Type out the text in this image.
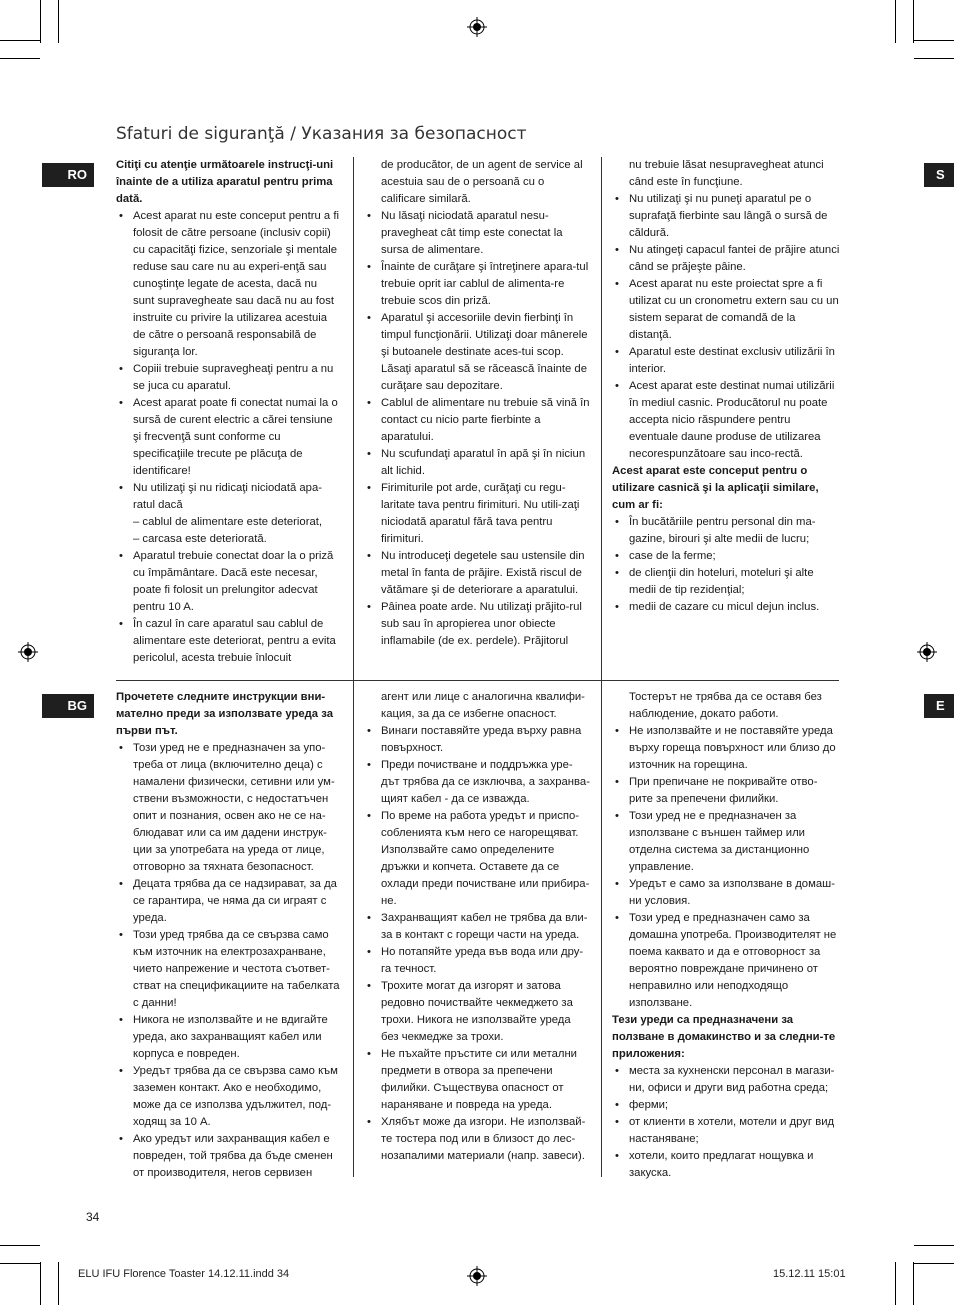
Sfaturi de siguranţă / Указания за безопасност
RO	S

Citiţi cu atenţie următoarele instrucţi-uni înainte de a utiliza aparatul pentru prima dată.

• Acest aparat nu este conceput pentru a fi folosit de către persoane (inclusiv copii) cu capacităţi fizice, senzoriale şi mentale reduse sau care nu au experi-enţă sau cunoştinţe legate de acesta, dacă nu sunt supravegheate sau dacă nu au fost instruite cu privire la utilizarea acestuia de către o persoană responsabilă de siguranţa lor.
• Copiii trebuie supravegheaţi pentru a nu se juca cu aparatul.
• Acest aparat poate fi conectat numai la o sursă de curent electric a cărei tensiune şi frecvenţă sunt conforme cu specificaţiile trecute pe plăcuţa de identificare!
• Nu utilizaţi şi nu ridicaţi niciodată apa-ratul dacă

– cablul de alimentare este deteriorat,

– carcasa este deteriorată.

• Aparatul trebuie conectat doar la o priză cu împământare. Dacă este necesar, poate fi folosit un prelungitor adecvat pentru 10 A.
• În cazul în care aparatul sau cablul de alimentare este deteriorat, pentru a evita pericolul, acesta trebuie înlocuit

de producător, de un agent de service al acestuia sau de o persoană cu o calificare similară.

• Nu lăsaţi niciodată aparatul nesu-pravegheat cât timp este conectat la sursa de alimentare.
• Înainte de curăţare şi întreţinere apara-tul trebuie oprit iar cablul de alimenta-re trebuie scos din priză.
• Aparatul şi accesoriile devin fierbinţi în timpul funcţionării. Utilizaţi doar mânerele şi butoanele destinate aces-tui scop. Lăsaţi aparatul să se răcească înainte de curăţare sau depozitare.
• Cablul de alimentare nu trebuie să vină în contact cu nicio parte fierbinte a aparatului.
• Nu scufundaţi aparatul în apă şi în niciun alt lichid.
• Firimiturile pot arde, curăţaţi cu regu-laritate tava pentru firimituri. Nu utili-zaţi niciodată aparatul fără tava pentru firimituri.
• Nu introduceţi degetele sau ustensile din metal în fanta de prăjire. Există riscul de vătămare şi de deteriorare a aparatului.
• Pâinea poate arde. Nu utilizaţi prăjito-rul sub sau în apropierea unor obiecte inflamabile (de ex. perdele). Prăjitorul

nu trebuie lăsat nesupravegheat atunci când este în funcţiune.

• Nu utilizaţi şi nu puneţi aparatul pe o suprafaţă fierbinte sau lângă o sursă de căldură.
• Nu atingeţi capacul fantei de prăjire atunci când se prăjeşte pâine.
• Acest aparat nu este proiectat spre a fi utilizat cu un cronometru extern sau cu un sistem separat de comandă de la distanţă.
• Aparatul este destinat exclusiv utilizării în interior.
• Acest aparat este destinat numai utilizării în mediul casnic. Producătorul nu poate accepta nicio răspundere pentru eventuale daune produse de utilizarea necorespunzătoare sau inco-rectă.

Acest aparat este conceput pentru o utilizare casnică şi la aplicaţii similare, cum ar fi:

• În bucătăriile pentru personal din ma-gazine, birouri şi alte medii de lucru;
• case de la ferme;
• de clienţii din hoteluri, moteluri şi alte medii de tip rezidenţial;
• medii de cazare cu micul dejun inclus.
BG	E

Прочетете следните инструкции вни-мателно преди за използвате уреда за първи път.

• Този уред не е предназначен за упо-треба от лица (включително деца) с намалени физически, сетивни или ум-ствени възможности, с недостатъчен опит и познания, освен ако не се на-блюдават или са им дадени инструк-ции за употребата на уреда от лице, отговорно за тяхната безопасност.
• Децата трябва да се надзирават, за да се гарантира, че няма да си играят с уреда.
• Този уред трябва да се свързва само към източник на електрозахранване, чието напрежение и честота съответ-стват на спецификациите на табелката с данни!
• Никога не използвайте и не вдигайте уреда, ако захранващият кабел или корпуса е повреден.
• Уредът трябва да се свързва само към заземен контакт. Ако е необходимо, може да се използва удължител, под-ходящ за 10 А.
• Ако уредът или захранващия кабел е повреден, той трябва да бъде сменен от производителя, негов сервизен

агент или лице с аналогична квалифи-кация, за да се избегне опасност.

• Винаги поставяйте уреда върху равна повърхност.
• Преди почистване и поддръжка уре-дът трябва да се изключва, а захранва-щият кабел - да се изважда.
• По време на работа уредът и приспо-собленията към него се нагорещяват. Използвайте само определените дръжки и копчета. Оставете да се охлади преди почистване или прибира-не.
• Захранващият кабел не трябва да вли-за в контакт с горещи части на уреда.
• Но потапяйте уреда във вода или дру-га течност.
• Трохите могат да изгорят и затова редовно почиствайте чекмеджето за трохи. Никога не използвайте уреда без чекмедже за трохи.
• Не пъхайте пръстите си или метални предмети в отвора за препечени филийки. Съществува опасност от нараняване и повреда на уреда.
• Хлябът може да изгори. Не използвай-те тостера под или в близост до лес-нозапалими материали (напр. завеси).

Тостерът не трябва да се оставя без наблюдение, докато работи.

• Не използвайте и не поставяйте уреда върху гореща повърхност или близо до източник на горещина.
• При препичане не покривайте отво-рите за препечени филийки.
• Този уред не е предназначен за използване с външен таймер или отделна система за дистанционно управление.
• Уредът е само за използване в домаш-ни условия.
• Този уред е предназначен само за домашна употреба. Производителят не поема каквато и да е отговорност за вероятно повреждане причинено от неправилно или неподходящо използване.

Тези уреди са предназначени за ползване в домакинство и за следни-те приложения:

• места за кухненски персонал в магази-ни, офиси и други вид работна среда;
• ферми;
• от клиенти в хотели, мотели и друг вид настаняване;
• хотели, които предлагат нощувка и закуска.
34
ELU IFU Florence Toaster 14.12.11.indd 34	15.12.11 15:01
